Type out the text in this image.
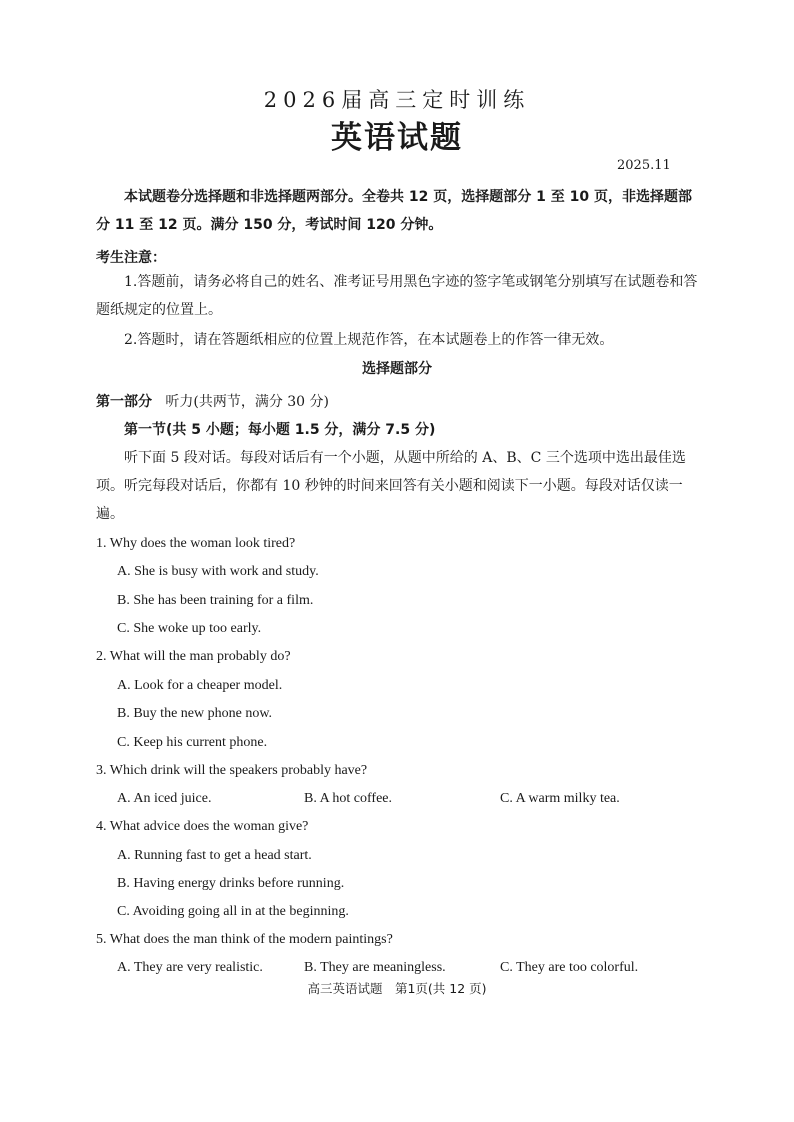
2026届高三定时训练
英语试题
2025.11
本试题卷分选择题和非选择题两部分。全卷共 12 页，选择题部分 1 至 10 页，非选择题部分 11 至 12 页。满分 150 分，考试时间 120 分钟。
考生注意：
1.答题前，请务必将自己的姓名、准考证号用黑色字迹的签字笔或钢笔分别填写在试题卷和答题纸规定的位置上。
2.答题时，请在答题纸相应的位置上规范作答，在本试题卷上的作答一律无效。
选择题部分
第一部分 听力(共两节，满分 30 分)
第一节(共 5 小题；每小题 1.5 分，满分 7.5 分)
听下面 5 段对话。每段对话后有一个小题，从题中所给的 A、B、C 三个选项中选出最佳选项。听完每段对话后，你都有 10 秒钟的时间来回答有关小题和阅读下一小题。每段对话仅读一遍。
1. Why does the woman look tired?
A. She is busy with work and study.
B. She has been training for a film.
C. She woke up too early.
2. What will the man probably do?
A. Look for a cheaper model.
B. Buy the new phone now.
C. Keep his current phone.
3. Which drink will the speakers probably have?
A. An iced juice.	B. A hot coffee.	C. A warm milky tea.
4. What advice does the woman give?
A. Running fast to get a head start.
B. Having energy drinks before running.
C. Avoiding going all in at the beginning.
5. What does the man think of the modern paintings?
A. They are very realistic.	B. They are meaningless.	C. They are too colorful.
高三英语试题　第1页(共 12 页)
